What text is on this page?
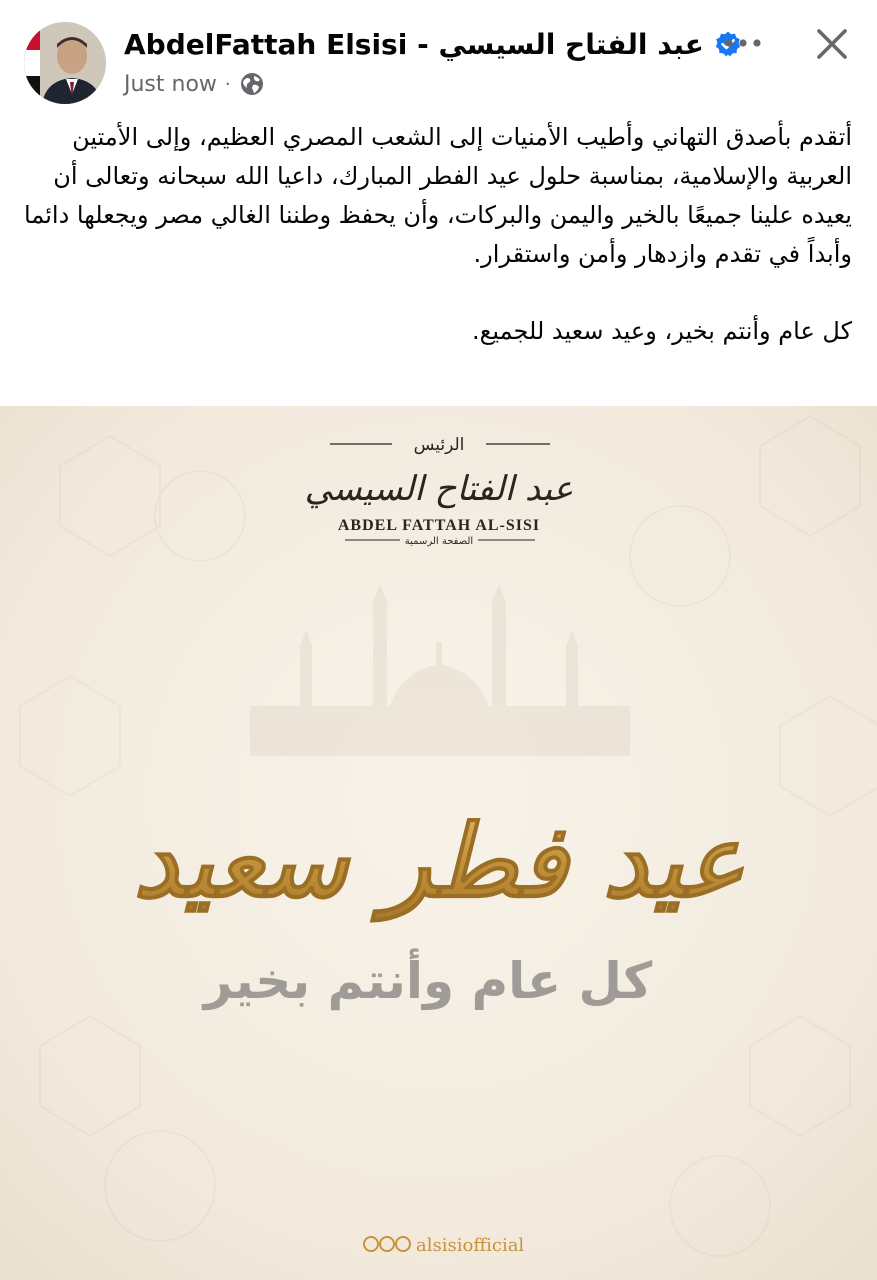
AbdelFattah Elsisi - عبد الفتاح السيسي
Just now ·

أتقدم بأصدق التهاني وأطيب الأمنيات إلى الشعب المصري العظيم، وإلى الأمتين العربية والإسلامية، بمناسبة حلول عيد الفطر المبارك، داعيا الله سبحانه وتعالى أن يعيده علينا جميعًا بالخير واليمن والبركات، وأن يحفظ وطننا الغالي مصر ويجعلها دائما وأبداً في تقدم وازدهار وأمن واستقرار.

كل عام وأنتم بخير، وعيد سعيد للجميع.

الرئيس
عبد الفتاح السيسي
ABDEL FATTAH AL-SISI
الصفحة الرسمية
عيد فطر سعيد
كل عام وأنتم بخير
alsisiofficial
